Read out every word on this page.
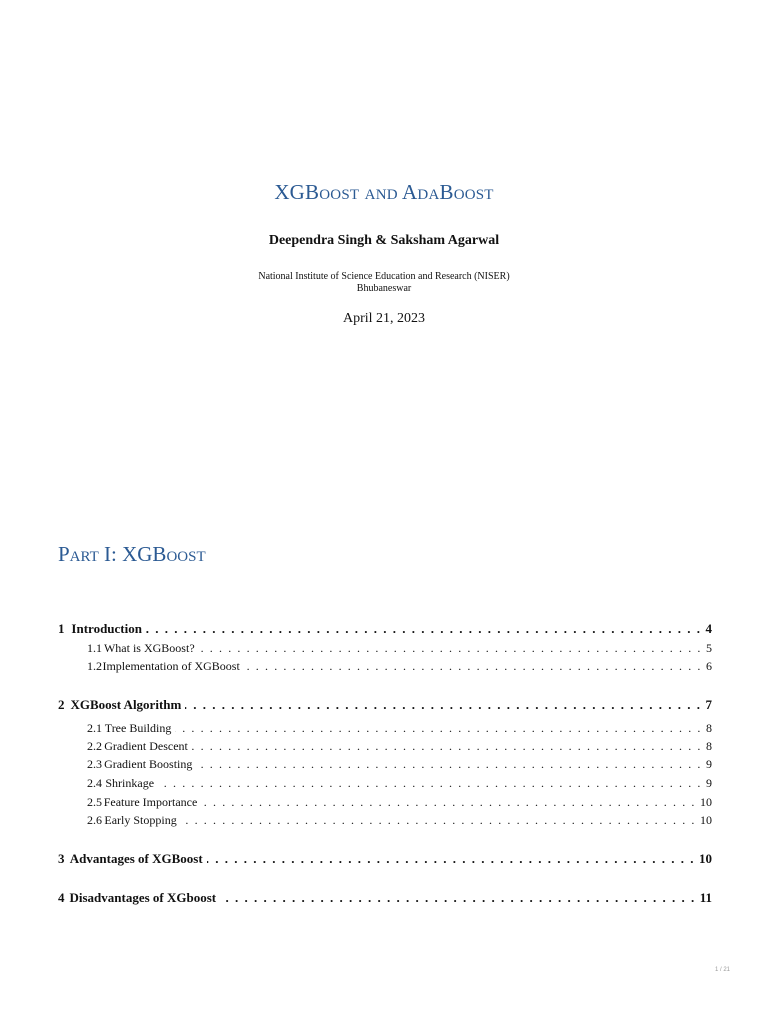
XGBoost and AdaBoost
Deependra Singh & Saksham Agarwal
National Institute of Science Education and Research (NISER)
Bhubaneswar
April 21, 2023
Part I: XGBoost
1 Introduction . . .	4
1.1 What is XGBoost? . . .	5
1.2 Implementation of XGBoost . . .	6
2 XGBoost Algorithm . . .	7
2.1 Tree Building . . .	8
2.2 Gradient Descent . . .	8
2.3 Gradient Boosting . . .	9
2.4 Shrinkage . . .	9
2.5 Feature Importance . . .	10
2.6 Early Stopping . . .	10
3 Advantages of XGBoost . . .	10
4 Disadvantages of XGboost . . .	11
1 / 21
